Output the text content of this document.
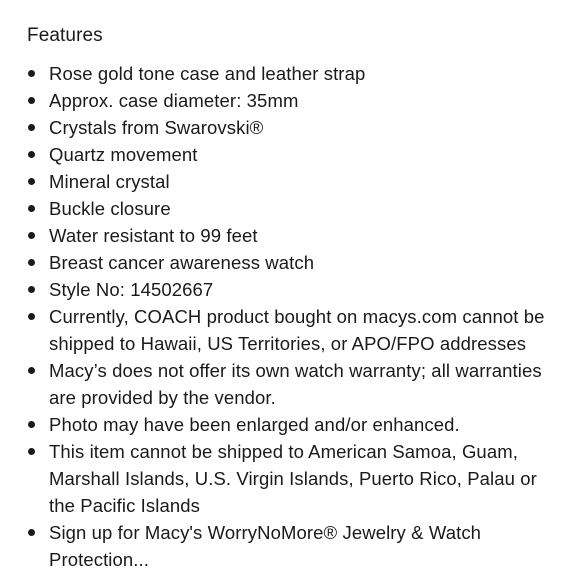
Features
Rose gold tone case and leather strap
Approx. case diameter: 35mm
Crystals from Swarovski®
Quartz movement
Mineral crystal
Buckle closure
Water resistant to 99 feet
Breast cancer awareness watch
Style No: 14502667
Currently, COACH product bought on macys.com cannot be shipped to Hawaii, US Territories, or APO/FPO addresses
Macy’s does not offer its own watch warranty; all warranties are provided by the vendor.
Photo may have been enlarged and/or enhanced.
This item cannot be shipped to American Samoa, Guam, Marshall Islands, U.S. Virgin Islands, Puerto Rico, Palau or the Pacific Islands
Sign up for Macy's WorryNoMore® Jewelry & Watch Protection...
